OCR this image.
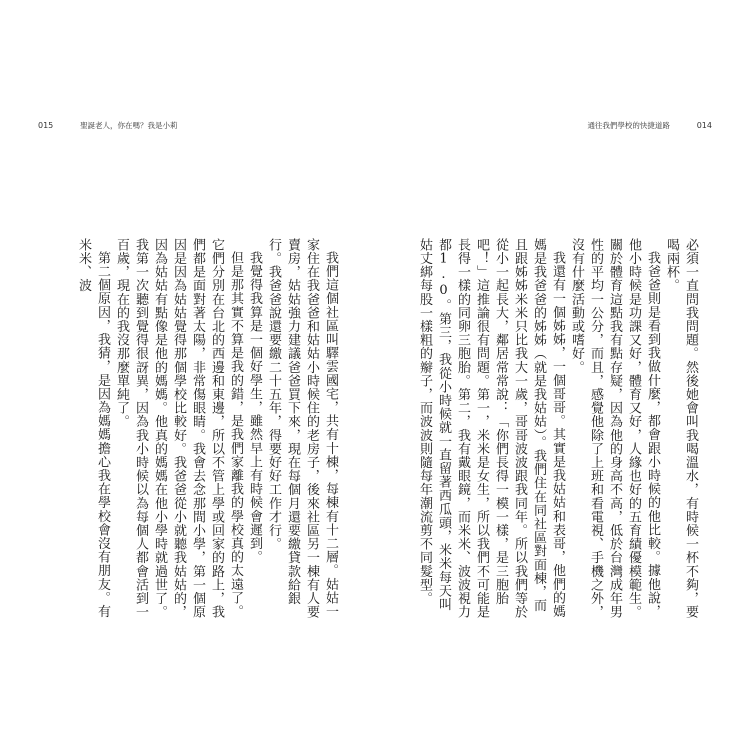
015	聖誕老人，你在嗎？我是小莉

我們這個社區叫驛雲國宅，共有十棟，每棟有十二層。姑姑一家住在我爸爸和姑姑小時候住的老房子，後來社區另一棟有人要賣房，姑姑強力建議爸爸買下來，現在每個月還要繳貸款給銀行。我爸爸說還要繳二十五年，得要好好工作才行。

我覺得我算是一個好學生，雖然早上有時候會遲到。

但是那其實不算是我的錯，是我們家離我的學校真的太遠了。它們分別在台北的西邊和東邊，所以不管上學或回家的路上，我們都是面對著太陽，非常傷眼睛。我會去念那間小學，第一個原因是因為姑姑覺得那個學校比較好。我爸爸從小就聽我姑姑的，因為姑姑有點像是他的媽媽。他真的媽媽在他小學時就過世了。我第一次聽到覺得很訝異，因為我小時候以為每個人都會活到一百歲，現在的我沒那麼單純了。

第二個原因，我猜，是因為媽媽擔心我在學校會沒有朋友。有米米、波

通往我們學校的快捷道路	014

必須一直問我問題。然後她會叫我喝溫水，有時候一杯不夠，要喝兩杯。

我爸爸則是看到我做什麼，都會跟小時候的他比較。據他說，他小時候是功課又好，體育又好，人緣也好的五育績優模範生。關於體育這點我有點存疑，因為他的身高不高，低於台灣成年男性的平均一公分，而且，感覺他除了上班和看電視、手機之外，沒有什麼活動或嗜好。

我還有一個姊姊，一個哥哥。其實是我姑姑和表哥，他們的媽媽是我爸爸的姊姊（就是我姑姑）。我們住在同社區對面棟，而且跟姊姊米米只比我大一歲，哥哥波波跟我同年。所以我們等於從小一起長大，鄰居常常說：「你們長得一模一樣，是三胞胎吧！」這推論很有問題。第一，米米是女生，所以我們不可能是長得一樣的同卵三胞胎。第二，我有戴眼鏡，而米米、波波視力都1.0。第三，我從小時候就一直留著西瓜頭，米米每天叫姑丈綁每股一樣粗的辮子，而波波則隨每年潮流剪不同髮型。
